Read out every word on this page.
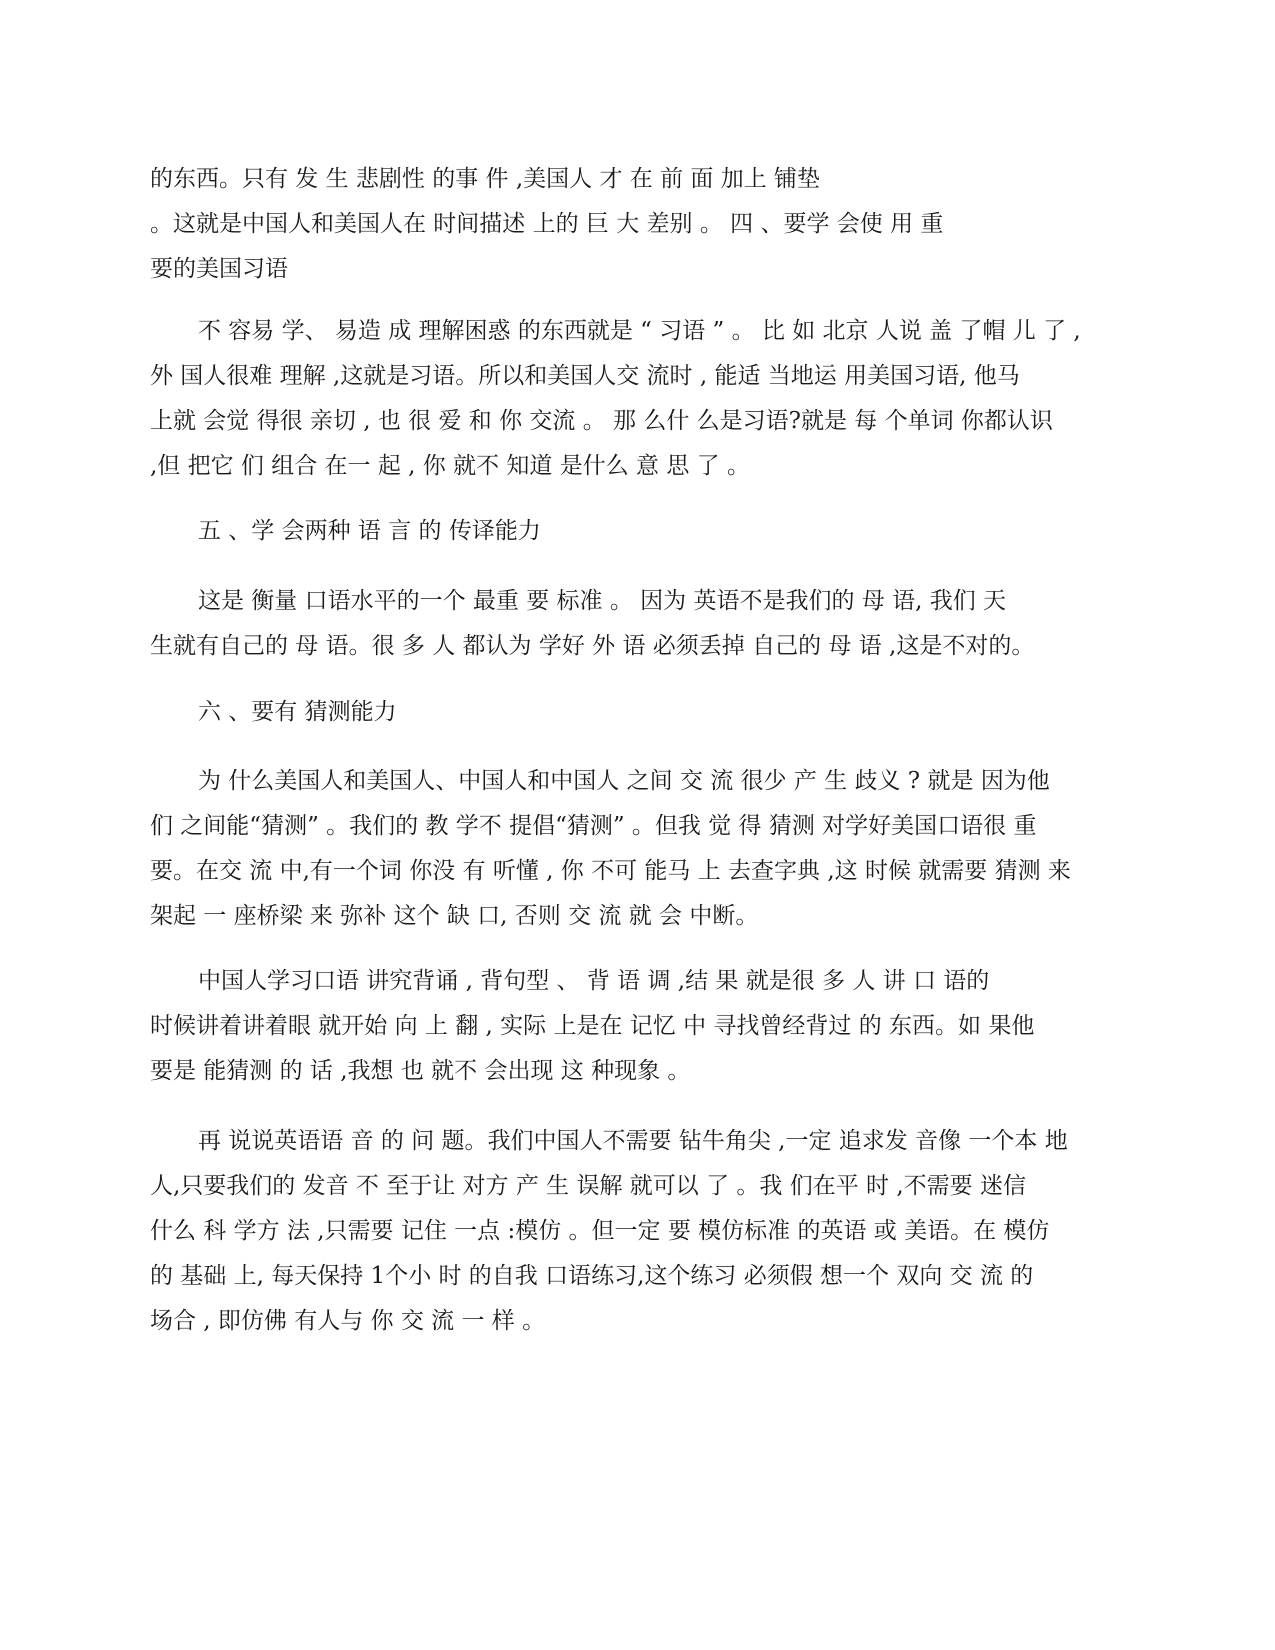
的东西。只有 发 生 悲剧性 的事 件 ,美国人 才 在 前 面 加上 铺垫
。这就是中国人和美国人在 时间描述 上的 巨 大 差别 。 四 、要学 会使 用 重
要的美国习语
不 容易 学、 易造 成 理解困惑 的东西就是 “ 习语 ” 。 比 如 北京 人说 盖 了帽 儿 了 ,
外 国人很难 理解 ,这就是习语。所以和美国人交 流时 , 能适 当地运 用美国习语, 他马
上就 会觉 得很 亲切 , 也 很 爱 和 你 交流 。 那 么什 么是习语?就是 每 个单词 你都认识
,但 把它 们 组合 在一 起 , 你 就不 知道 是什么 意 思 了 。
五 、学 会两种 语 言 的 传译能力
这是 衡量 口语水平的一个 最重 要 标准 。 因为 英语不是我们的 母 语, 我们 天
生就有自己的 母 语。很 多 人 都认为 学好 外 语 必须丢掉 自己的 母 语 ,这是不对的。
六 、要有 猜测能力
为 什么美国人和美国人、中国人和中国人 之间 交 流 很少 产 生 歧义 ? 就是 因为他
们 之间能“猜测” 。我们的 教 学不 提倡“猜测” 。但我 觉 得 猜测 对学好美国口语很 重
要。在交 流 中,有一个词 你没 有 听懂 , 你 不可 能马 上 去查字典 ,这 时候 就需要 猜测 来
架起 一 座桥梁 来 弥补 这个 缺 口, 否则 交 流 就 会 中断。
中国人学习口语 讲究背诵 , 背句型 、 背 语 调 ,结 果 就是很 多 人 讲 口 语的
时候讲着讲着眼 就开始 向 上 翻 , 实际 上是在 记忆 中 寻找曾经背过 的 东西。如 果他
要是 能猜测 的 话 ,我想 也 就不 会出现 这 种现象 。
再 说说英语语 音 的 问 题。我们中国人不需要 钻牛角尖 ,一定 追求发 音像 一个本 地
人,只要我们的 发音 不 至于让 对方 产 生 误解 就可以 了 。我 们在平 时 ,不需要 迷信
什么 科 学方 法 ,只需要 记住 一点 :模仿 。但一定 要 模仿标准 的英语 或 美语。在 模仿
的 基础 上, 每天保持 1个小 时 的自我 口语练习,这个练习 必须假 想一个 双向 交 流 的
场合 , 即仿佛 有人与 你 交 流 一 样 。
